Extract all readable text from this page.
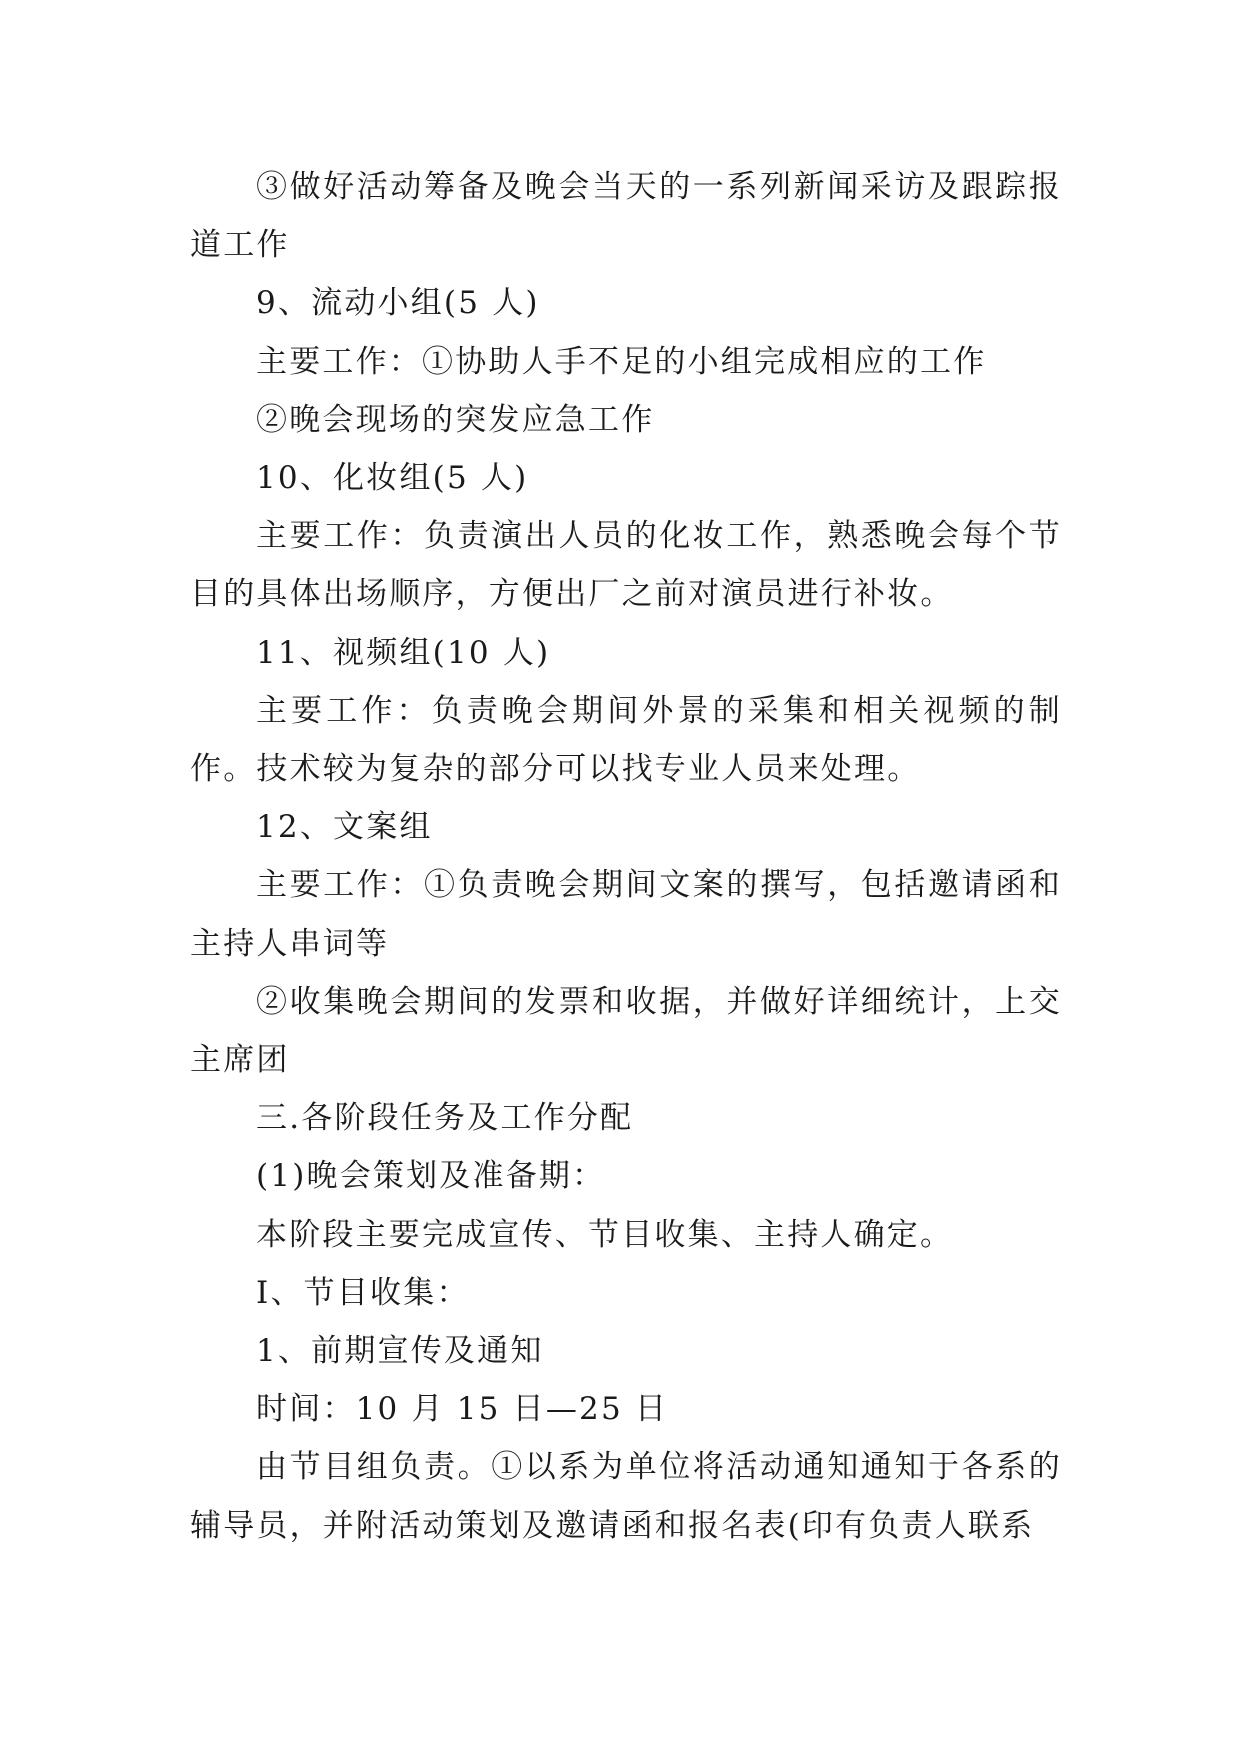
③做好活动筹备及晚会当天的一系列新闻采访及跟踪报道工作

9、流动小组(5 人)

主要工作：①协助人手不足的小组完成相应的工作

②晚会现场的突发应急工作

10、化妆组(5 人)

主要工作：负责演出人员的化妆工作，熟悉晚会每个节目的具体出场顺序，方便出厂之前对演员进行补妆。

11、视频组(10 人)

主要工作：负责晚会期间外景的采集和相关视频的制作。技术较为复杂的部分可以找专业人员来处理。

12、文案组

主要工作：①负责晚会期间文案的撰写，包括邀请函和主持人串词等

②收集晚会期间的发票和收据，并做好详细统计，上交主席团

三.各阶段任务及工作分配

(1)晚会策划及准备期：

本阶段主要完成宣传、节目收集、主持人确定。

Ⅰ、节目收集：

1、前期宣传及通知

时间：10 月 15 日—25 日

由节目组负责。①以系为单位将活动通知通知于各系的辅导员，并附活动策划及邀请函和报名表(印有负责人联系
